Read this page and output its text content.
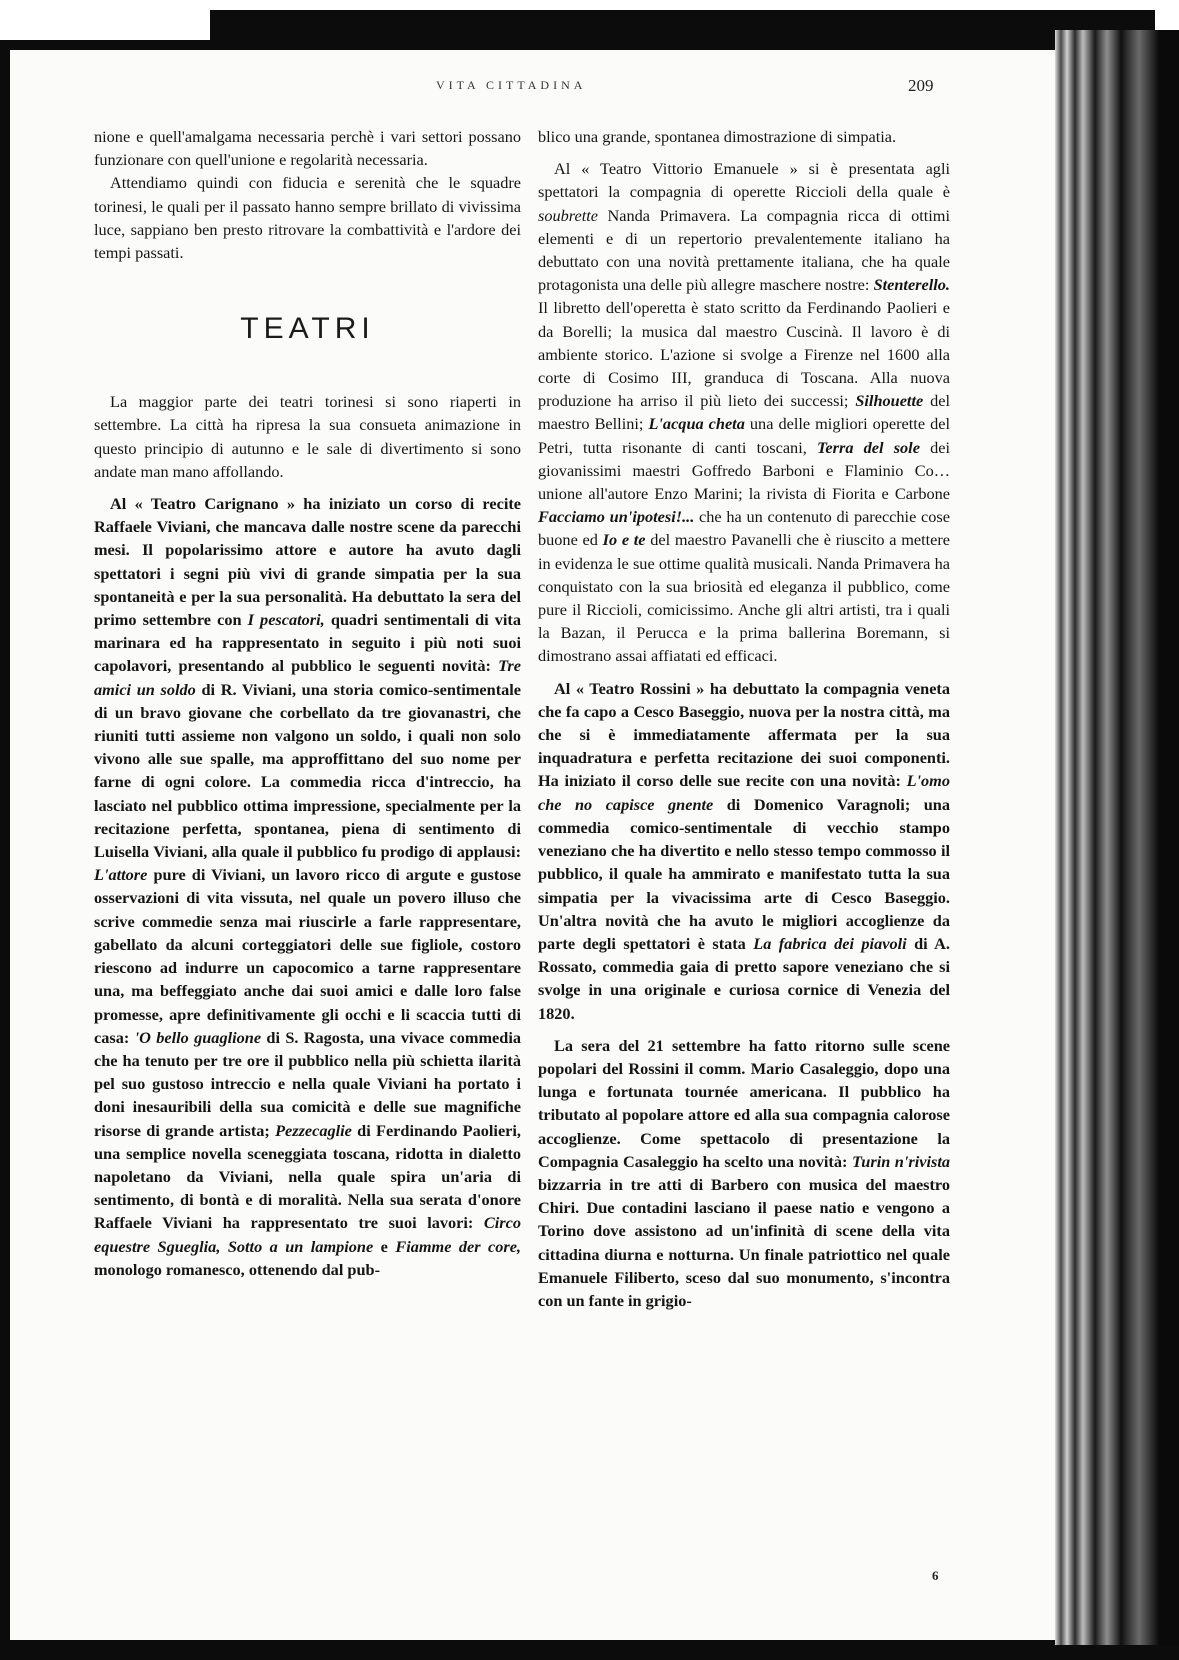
VITA CITTADINA	209

nione e quell'amalgama necessaria perchè i vari settori possano funzionare con quell'unione e regolarità necessaria.

Attendiamo quindi con fiducia e serenità che le squadre torinesi, le quali per il passato hanno sempre brillato di vivissima luce, sappiano ben presto ritrovare la combattività e l'ardore dei tempi passati.

TEATRI

La maggior parte dei teatri torinesi si sono riaperti in settembre. La città ha ripresa la sua consueta animazione in questo principio di autunno e le sale di divertimento si sono andate man mano affollando.

Al « Teatro Carignano » ha iniziato un corso di recite Raffaele Viviani, che mancava dalle nostre scene da parecchi mesi. Il popolarissimo attore e autore ha avuto dagli spettatori i segni più vivi di grande simpatia per la sua spontaneità e per la sua personalità. Ha debuttato la sera del primo settembre con I pescatori, quadri sentimentali di vita marinara ed ha rappresentato in seguito i più noti suoi capolavori, presentando al pubblico le seguenti novità: Tre amici un soldo di R. Viviani, una storia comico-sentimentale di un bravo giovane che corbellato da tre giovanastri, che riuniti tutti assieme non valgono un soldo, i quali non solo vivono alle sue spalle, ma approffittano del suo nome per farne di ogni colore. La commedia ricca d'intreccio, ha lasciato nel pubblico ottima impressione, specialmente per la recitazione perfetta, spontanea, piena di sentimento di Luisella Viviani, alla quale il pubblico fu prodigo di applausi: L'attore pure di Viviani, un lavoro ricco di argute e gustose osservazioni di vita vissuta, nel quale un povero illuso che scrive commedie senza mai riuscirle a farle rappresentare, gabellato da alcuni corteggiatori delle sue figliole, costoro riescono ad indurre un capocomico a tarne rappresentare una, ma beffeggiato anche dai suoi amici e dalle loro false promesse, apre definitivamente gli occhi e li scaccia tutti di casa: 'O bello guaglione di S. Ragosta, una vivace commedia che ha tenuto per tre ore il pubblico nella più schietta ilarità pel suo gustoso intreccio e nella quale Viviani ha portato i doni inesauribili della sua comicità e delle sue magnifiche risorse di grande artista; Pezzecaglie di Ferdinando Paolieri, una semplice novella sceneggiata toscana, ridotta in dialetto napoletano da Viviani, nella quale spira un'aria di sentimento, di bontà e di moralità. Nella sua serata d'onore Raffaele Viviani ha rappresentato tre suoi lavori: Circo equestre Sgueglia, Sotto a un lampione e Fiamme der core, monologo romanesco, ottenendo dal pub-

blico una grande, spontanea dimostrazione di simpatia.

Al « Teatro Vittorio Emanuele » si è presentata agli spettatori la compagnia di operette Riccioli della quale è soubrette Nanda Primavera. La compagnia ricca di ottimi elementi e di un repertorio prevalentemente italiano ha debuttato con una novità prettamente italiana, che ha quale protagonista una delle più allegre maschere nostre: Stenterello. Il libretto dell'operetta è stato scritto da Ferdinando Paolieri e da Borelli; la musica dal maestro Cuscinà. Il lavoro è di ambiente storico. L'azione si svolge a Firenze nel 1600 alla corte di Cosimo III, granduca di Toscana. Alla nuova produzione ha arriso il più lieto dei successi; Silhouette del maestro Bellini; L'acqua cheta una delle migliori operette del Petri, tutta risonante di canti toscani, Terra del sole dei giovanissimi maestri Goffredo Barboni e Flaminio Co… unione all'autore Enzo Marini; la rivista di Fiorita e Carbone Facciamo un'ipotesi!... che ha un contenuto di parecchie cose buone ed Io e te del maestro Pavanelli che è riuscito a mettere in evidenza le sue ottime qualità musicali. Nanda Primavera ha conquistato con la sua briosità ed eleganza il pubblico, come pure il Riccioli, comicissimo. Anche gli altri artisti, tra i quali la Bazan, il Perucca e la prima ballerina Boremann, si dimostrano assai affiatati ed efficaci.

Al « Teatro Rossini » ha debuttato la compagnia veneta che fa capo a Cesco Baseggio, nuova per la nostra città, ma che si è immediatamente affermata per la sua inquadratura e perfetta recitazione dei suoi componenti. Ha iniziato il corso delle sue recite con una novità: L'omo che no capisce gnente di Domenico Varagnoli; una commedia comico-sentimentale di vecchio stampo veneziano che ha divertito e nello stesso tempo commosso il pubblico, il quale ha ammirato e manifestato tutta la sua simpatia per la vivacissima arte di Cesco Baseggio. Un'altra novità che ha avuto le migliori accoglienze da parte degli spettatori è stata La fabrica dei piavoli di A. Rossato, commedia gaia di pretto sapore veneziano che si svolge in una originale e curiosa cornice di Venezia del 1820.

La sera del 21 settembre ha fatto ritorno sulle scene popolari del Rossini il comm. Mario Casaleggio, dopo una lunga e fortunata tournée americana. Il pubblico ha tributato al popolare attore ed alla sua compagnia calorose accoglienze. Come spettacolo di presentazione la Compagnia Casaleggio ha scelto una novità: Turin n'rivista bizzarria in tre atti di Barbero con musica del maestro Chiri. Due contadini lasciano il paese natio e vengono a Torino dove assistono ad un'infinità di scene della vita cittadina diurna e notturna. Un finale patriottico nel quale Emanuele Filiberto, sceso dal suo monumento, s'incontra con un fante in grigio-

6
